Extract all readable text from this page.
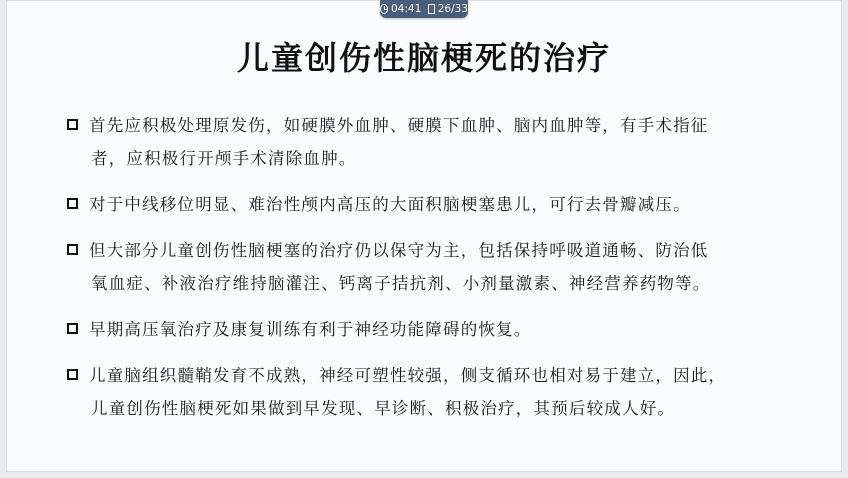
儿童创伤性脑梗死的治疗
首先应积极处理原发伤，如硬膜外血肿、硬膜下血肿、脑内血肿等，有手术指征
者，应积极行开颅手术清除血肿。
对于中线移位明显、难治性颅内高压的大面积脑梗塞患儿，可行去骨瓣减压。
但大部分儿童创伤性脑梗塞的治疗仍以保守为主，包括保持呼吸道通畅、防治低
氧血症、补液治疗维持脑灌注、钙离子拮抗剂、小剂量激素、神经营养药物等。
早期高压氧治疗及康复训练有利于神经功能障碍的恢复。
儿童脑组织髓鞘发育不成熟，神经可塑性较强，侧支循环也相对易于建立，因此，
儿童创伤性脑梗死如果做到早发现、早诊断、积极治疗，其预后较成人好。
04:41 26/33
